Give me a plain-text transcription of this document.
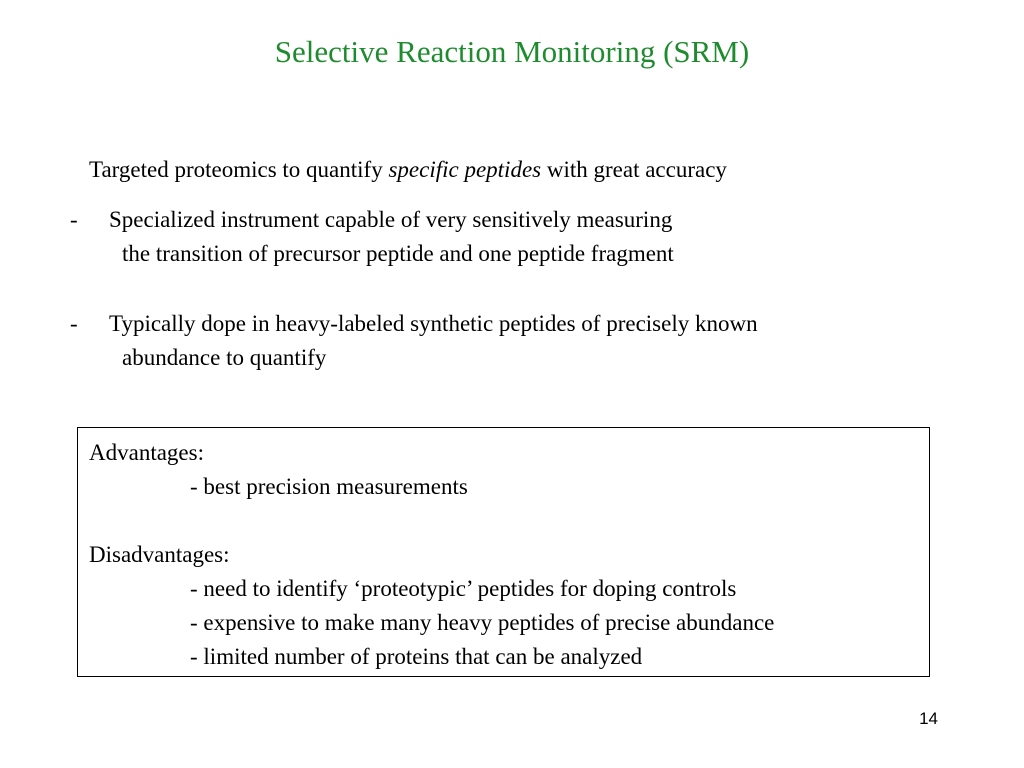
Selective Reaction Monitoring (SRM)
Targeted proteomics to quantify specific peptides with great accuracy
- Specialized instrument capable of very sensitively measuring
the transition of precursor peptide and one peptide fragment
- Typically dope in heavy-labeled synthetic peptides of precisely known
abundance to quantify
Advantages:
- best precision measurements
Disadvantages:
- need to identify ‘proteotypic’ peptides for doping controls
- expensive to make many heavy peptides of precise abundance
- limited number of proteins that can be analyzed
14
